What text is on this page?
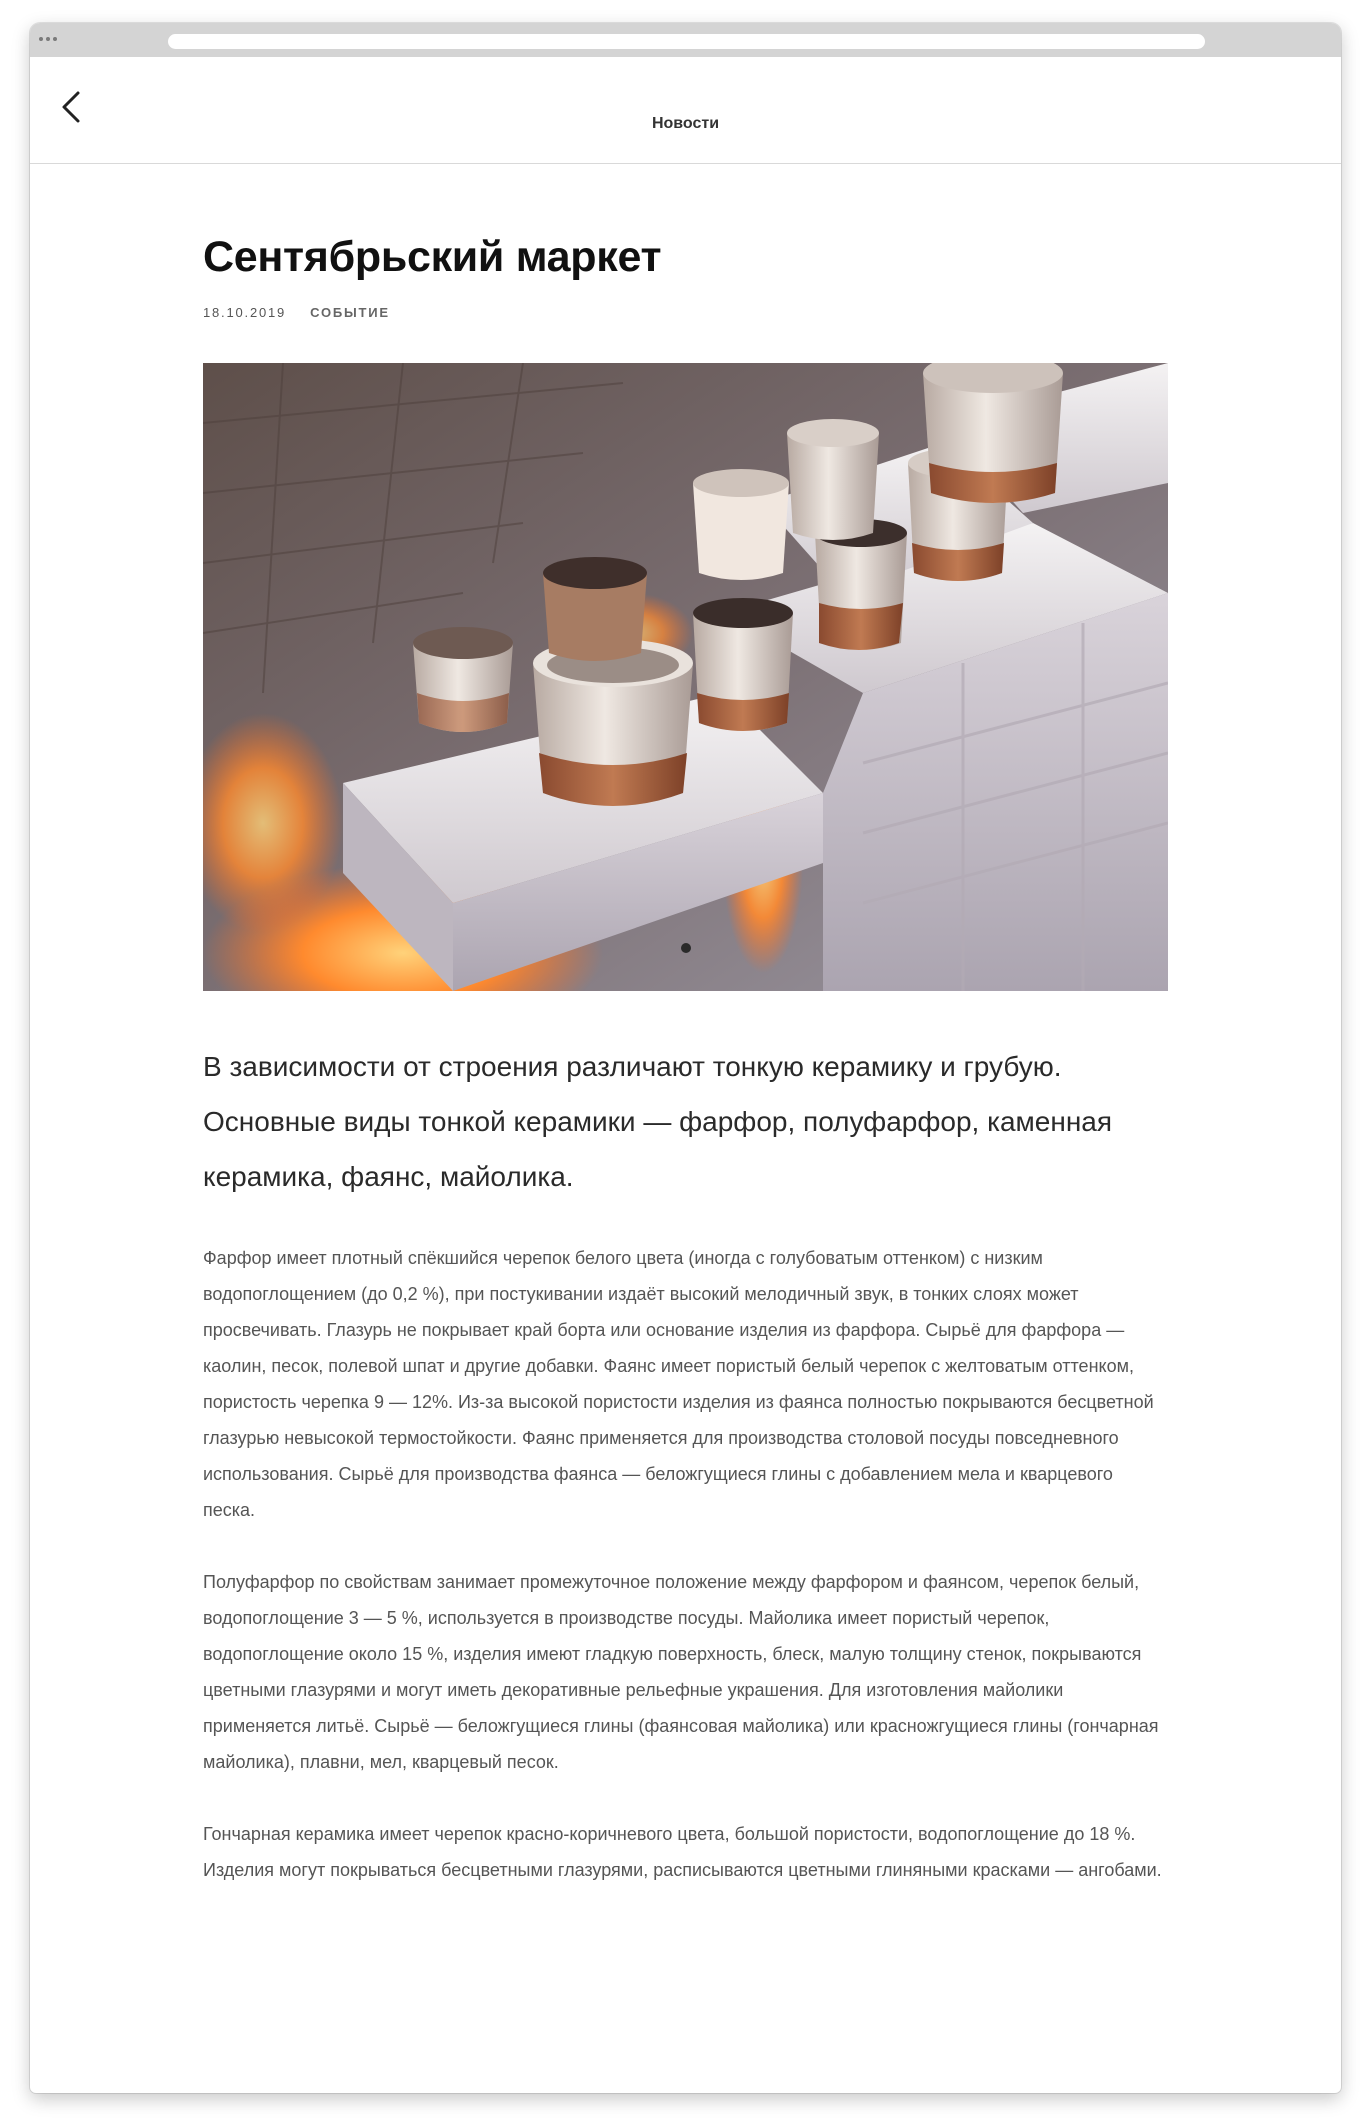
Новости
Сентябрьский маркет
18.10.2019 СОБЫТИЕ

В зависимости от строения различают тонкую керамику и грубую. Основные виды тонкой керамики — фарфор, полуфарфор, каменная керамика, фаянс, майолика.

Фарфор имеет плотный спёкшийся черепок белого цвета (иногда с голубоватым оттенком) с низким водопоглощением (до 0,2 %), при постукивании издаёт высокий мелодичный звук, в тонких слоях может просвечивать. Глазурь не покрывает край борта или основание изделия из фарфора. Сырьё для фарфора — каолин, песок, полевой шпат и другие добавки. Фаянс имеет пористый белый черепок с желтоватым оттенком, пористость черепка 9 — 12%. Из-за высокой пористости изделия из фаянса полностью покрываются бесцветной глазурью невысокой термостойкости. Фаянс применяется для производства столовой посуды повседневного использования. Сырьё для производства фаянса — беложгущиеся глины с добавлением мела и кварцевого песка.

Полуфарфор по свойствам занимает промежуточное положение между фарфором и фаянсом, черепок белый, водопоглощение 3 — 5 %, используется в производстве посуды. Майолика имеет пористый черепок, водопоглощение около 15 %, изделия имеют гладкую поверхность, блеск, малую толщину стенок, покрываются цветными глазурями и могут иметь декоративные рельефные украшения. Для изготовления майолики применяется литьё. Сырьё — беложгущиеся глины (фаянсовая майолика) или красножгущиеся глины (гончарная майолика), плавни, мел, кварцевый песок.

Гончарная керамика имеет черепок красно-коричневого цвета, большой пористости, водопоглощение до 18 %. Изделия могут покрываться бесцветными глазурями, расписываются цветными глиняными красками — ангобами.
